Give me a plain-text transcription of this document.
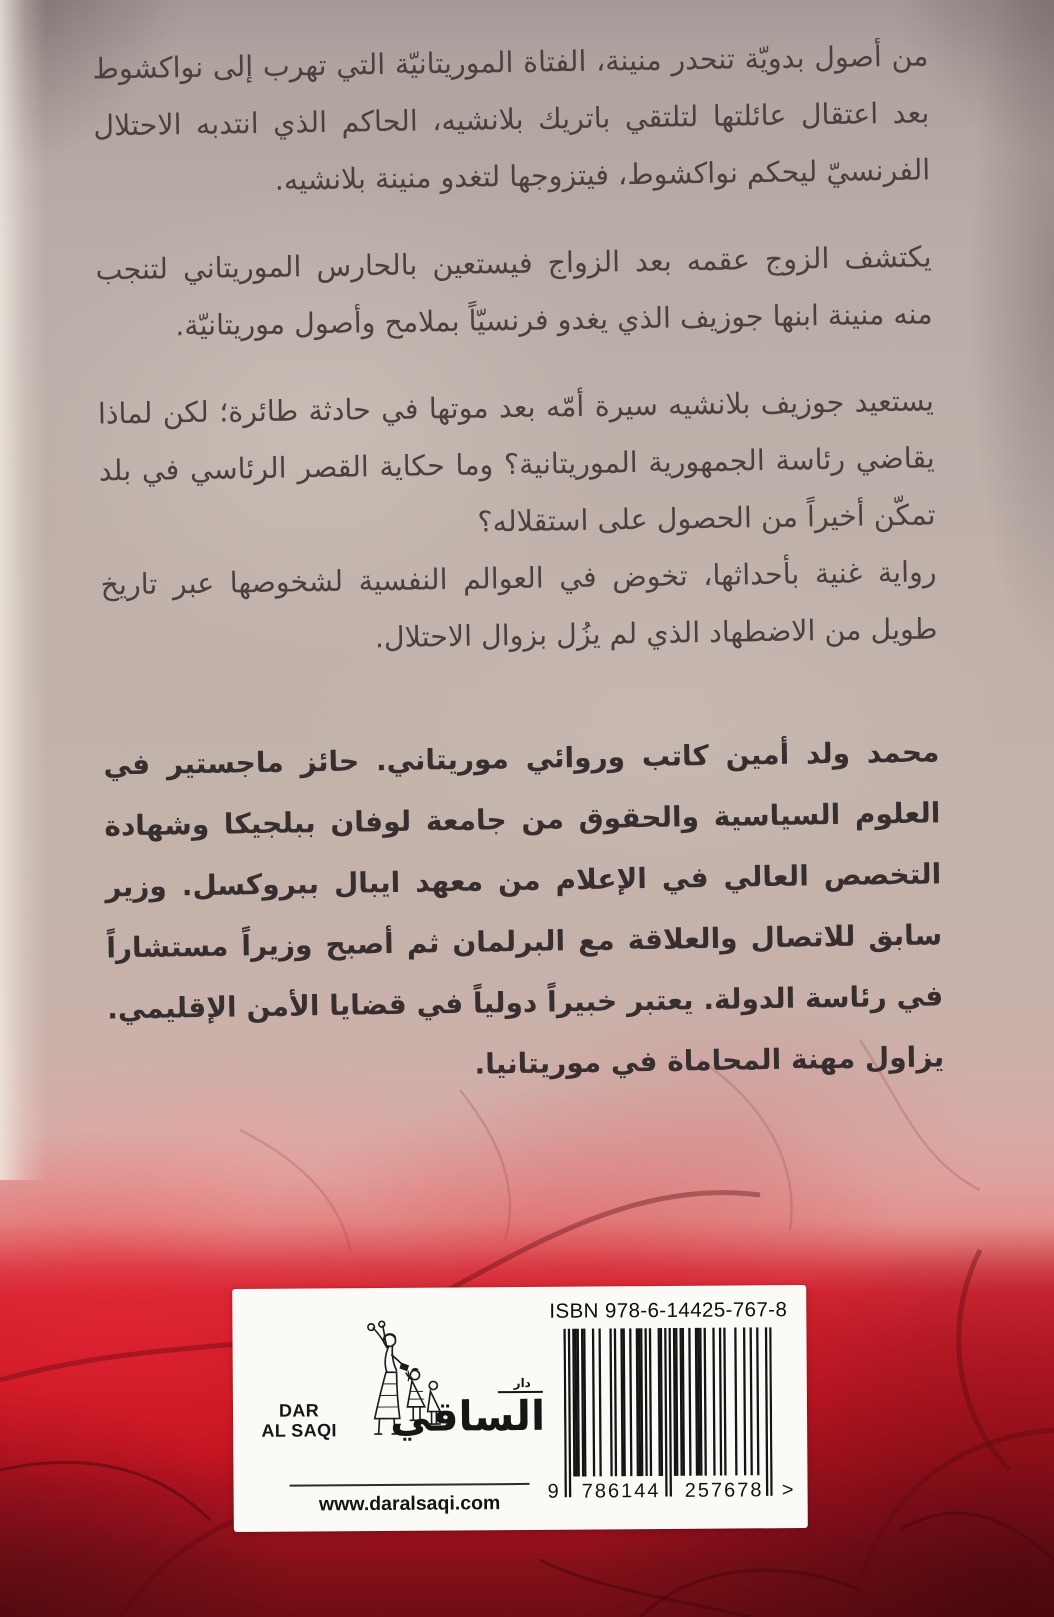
من أصول بدويّة تنحدر منينة، الفتاة الموريتانيّة التي تهرب إلى نواكشوط بعد اعتقال عائلتها لتلتقي باتريك بلانشيه، الحاكم الذي انتدبه الاحتلال الفرنسيّ ليحكم نواكشوط، فيتزوجها لتغدو منينة بلانشيه.

يكتشف الزوج عقمه بعد الزواج فيستعين بالحارس الموريتاني لتنجب منه منينة ابنها جوزيف الذي يغدو فرنسيّاً بملامح وأصول موريتانيّة.

يستعيد جوزيف بلانشيه سيرة أمّه بعد موتها في حادثة طائرة؛ لكن لماذا يقاضي رئاسة الجمهورية الموريتانية؟ وما حكاية القصر الرئاسي في بلد تمكّن أخيراً من الحصول على استقلاله؟

رواية غنية بأحداثها، تخوض في العوالم النفسية لشخوصها عبر تاريخ طويل من الاضطهاد الذي لم يزُل بزوال الاحتلال.

محمد ولد أمين كاتب وروائي موريتاني. حائز ماجستير في العلوم السياسية والحقوق من جامعة لوفان ببلجيكا وشهادة التخصص العالي في الإعلام من معهد ايبال ببروكسل. وزير سابق للاتصال والعلاقة مع البرلمان ثم أصبح وزيراً مستشاراً في رئاسة الدولة. يعتبر خبيراً دولياً في قضايا الأمن الإقليمي. يزاول مهنة المحاماة في موريتانيا.

DAR
AL SAQI
دار
الساقي
www.daralsaqi.com
ISBN 978-6-14425-767-8
9	786144	257678 >
